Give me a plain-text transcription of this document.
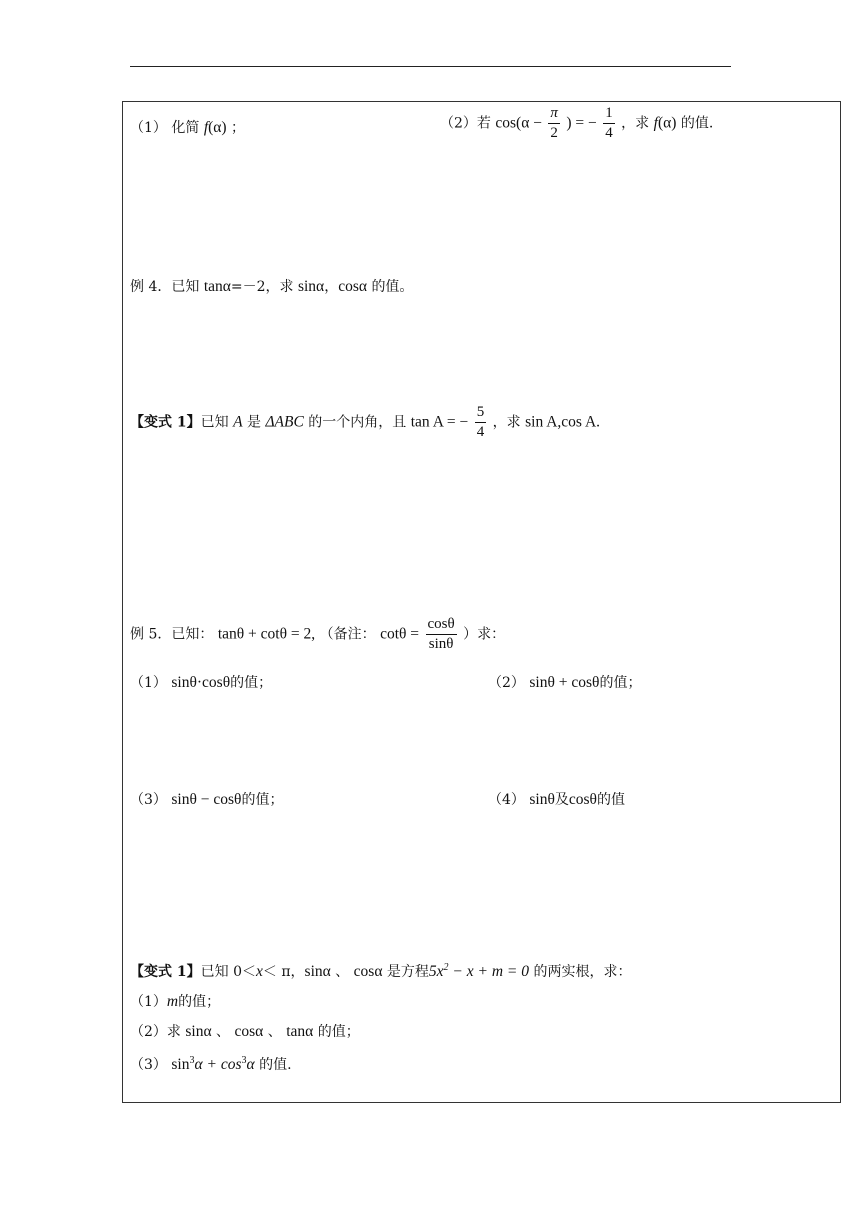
（1） 化简 f(α) ；	（2）若 $\cos(\alpha - \frac{\pi}{2}$ ) = − $\frac{1}{4}$ ，求 f(α) 的值.
例 4．已知 tanα=－2，求 sinα，cosα 的值。
【变式 1】已知 A 是 ΔABC 的一个内角，且 tan A = − $\frac{5}{4}$ ，求 sin A,cos A.
例 5．已知： tanθ + cotθ = 2, （备注： $\cot\theta = \frac{\cos\theta}{\sin\theta}$ ）求：
（1） sinθ·cosθ的值；	（2） sinθ + cosθ的值；
（3） sinθ − cosθ的值；	（4） sinθ及cosθ的值
【变式 1】已知 0＜x＜ π，sinα 、 cosα 是方程$5x^2 - x + m = 0$ 的两实根，求：
（1）m的值；
（2）求 sinα 、 cosα 、 tanα 的值；
（3） $\sin^3\alpha + \cos^3\alpha$ 的值.
